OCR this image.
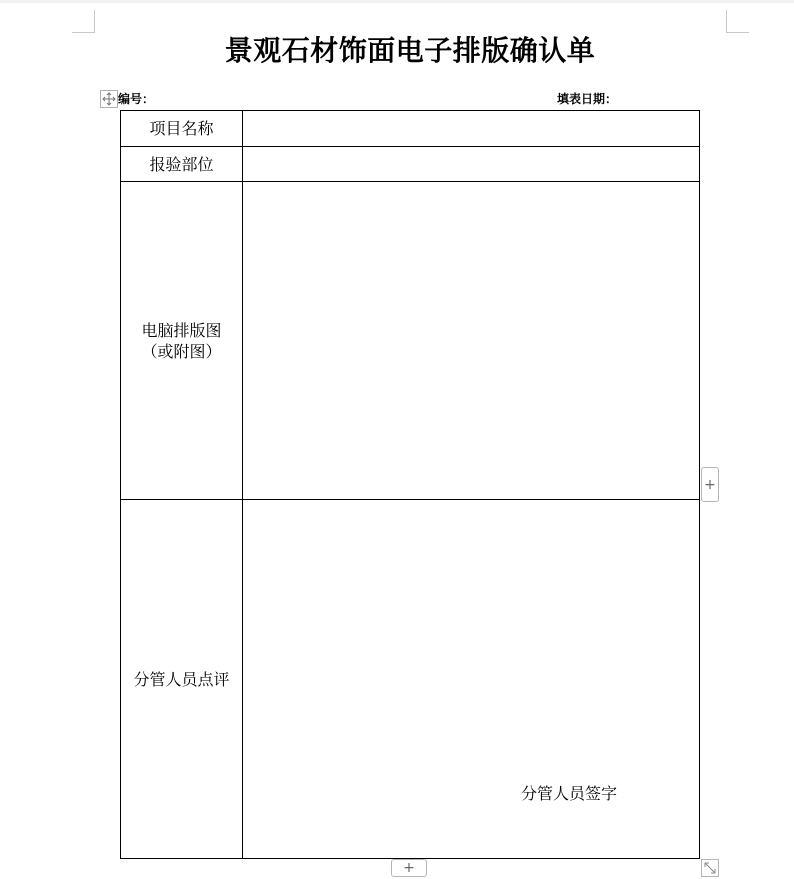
景观石材饰面电子排版确认单
编号：	填表日期：
项目名称
报验部位
电脑排版图
（或附图）
分管人员点评
分管人员签字
+
+
